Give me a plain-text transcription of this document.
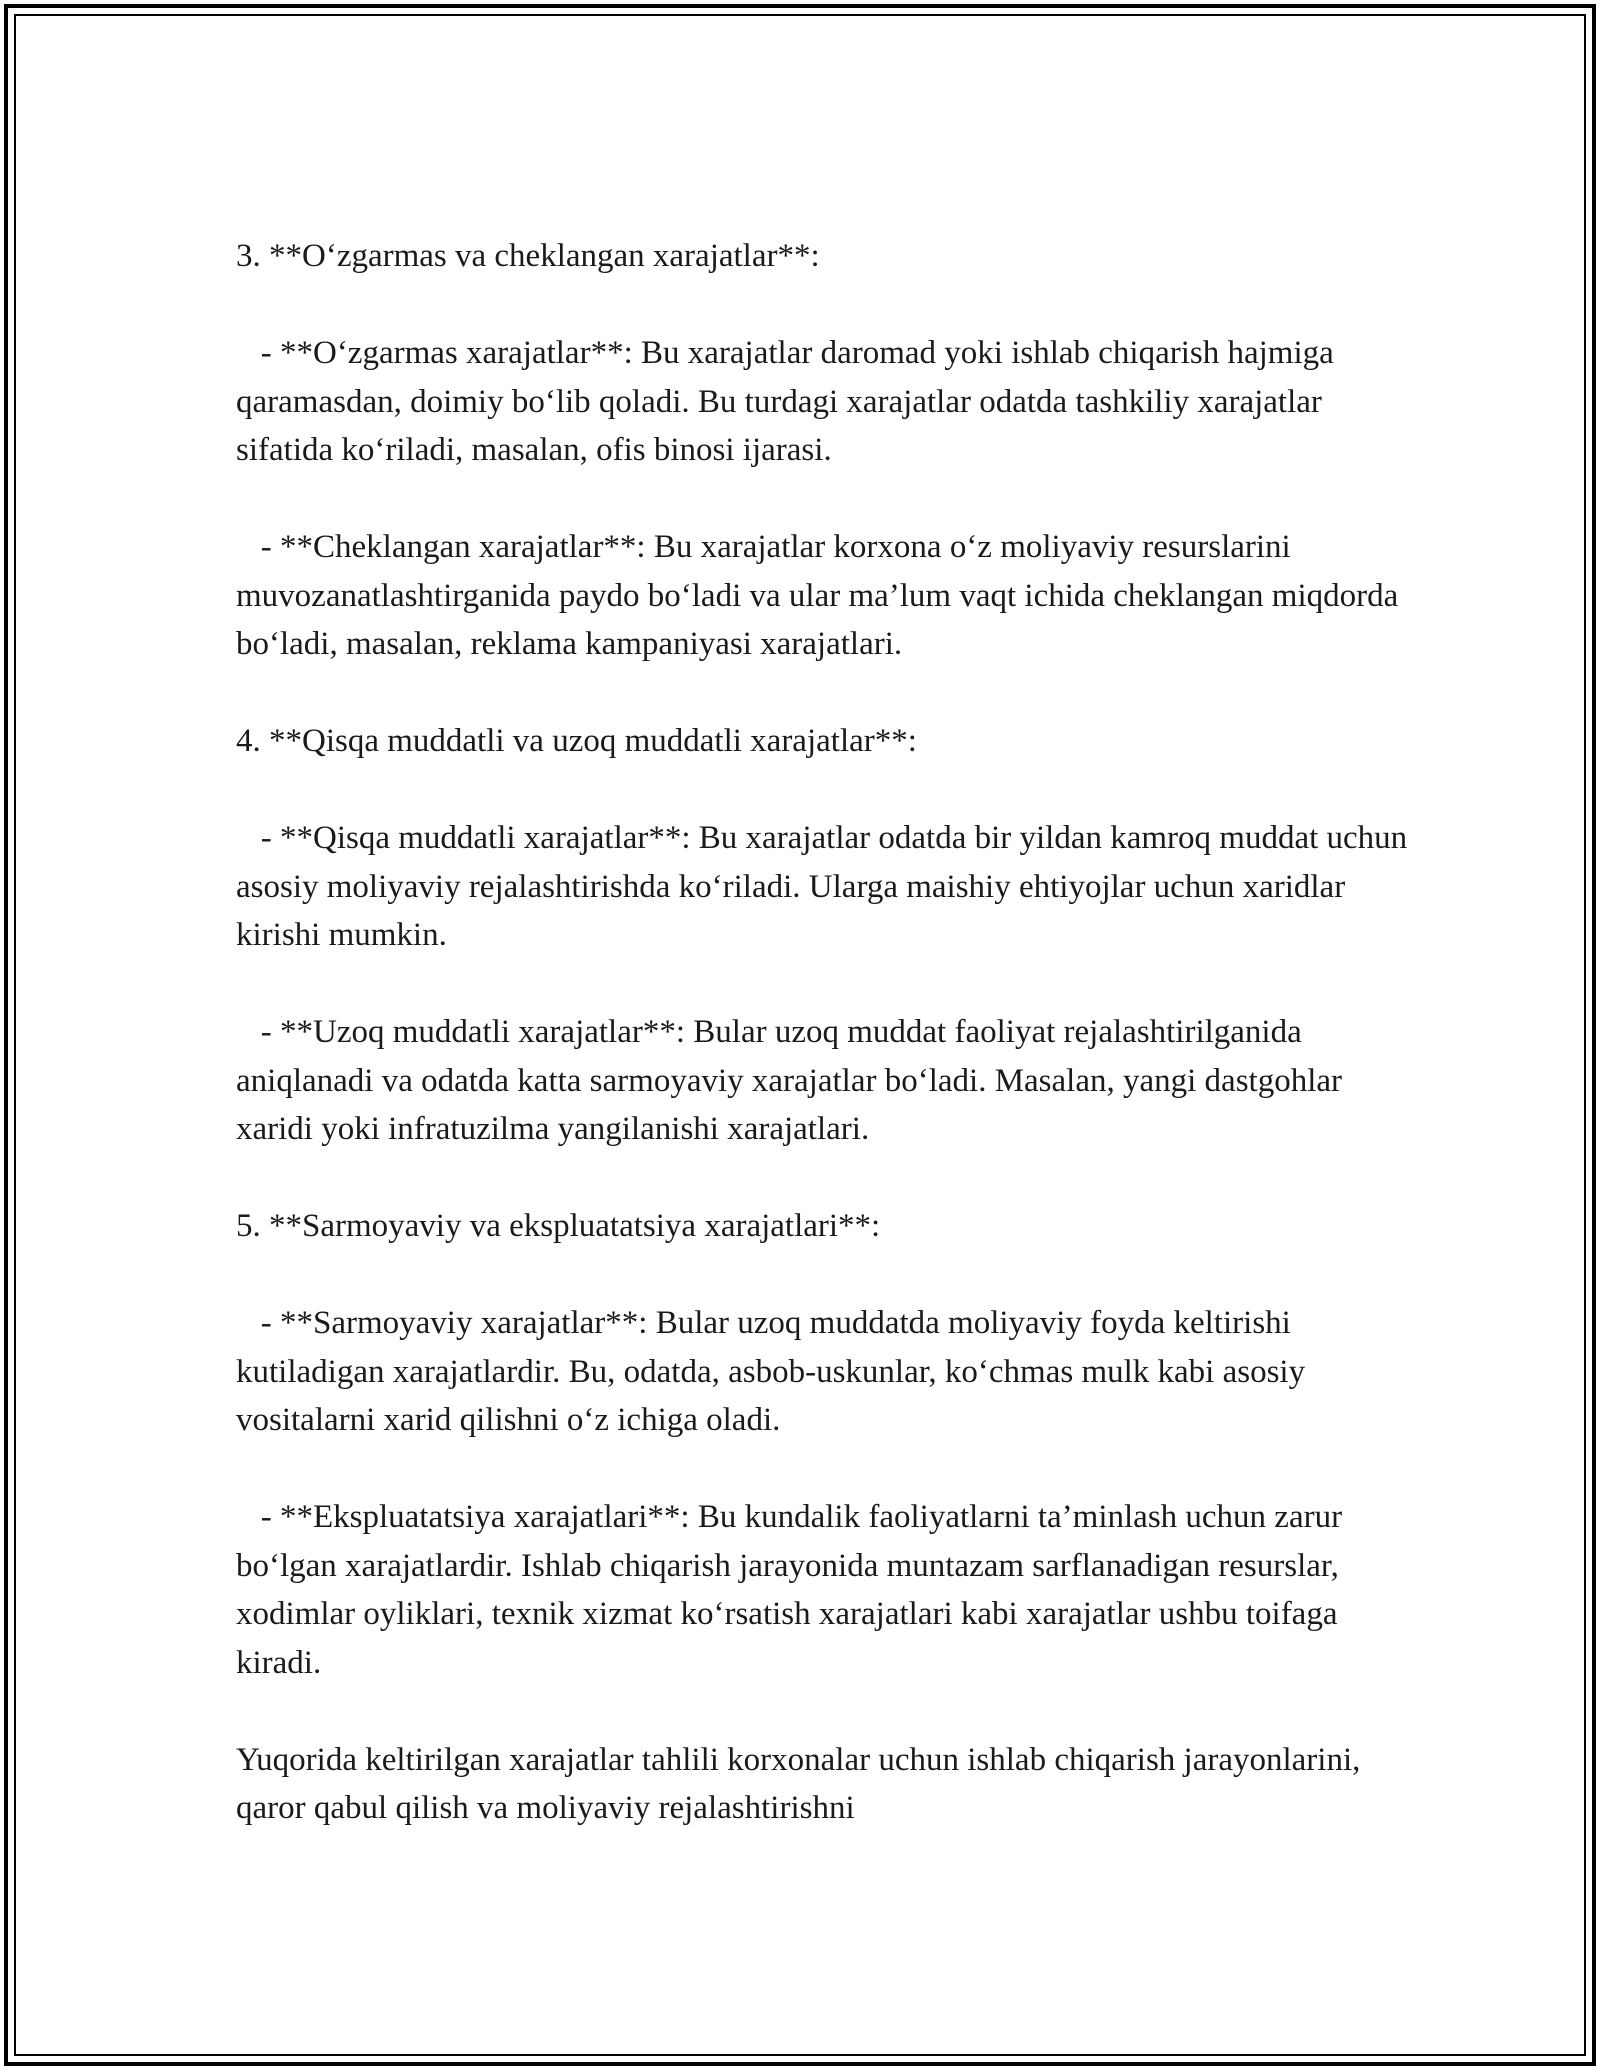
3. **O‘zgarmas va cheklangan xarajatlar**:

- **O‘zgarmas xarajatlar**: Bu xarajatlar daromad yoki ishlab chiqarish hajmiga qaramasdan, doimiy bo‘lib qoladi. Bu turdagi xarajatlar odatda tashkiliy xarajatlar sifatida ko‘riladi, masalan, ofis binosi ijarasi.

- **Cheklangan xarajatlar**: Bu xarajatlar korxona o‘z moliyaviy resurslarini muvozanatlashtirganida paydo bo‘ladi va ular ma’lum vaqt ichida cheklangan miqdorda bo‘ladi, masalan, reklama kampaniyasi xarajatlari.

4. **Qisqa muddatli va uzoq muddatli xarajatlar**:

- **Qisqa muddatli xarajatlar**: Bu xarajatlar odatda bir yildan kamroq muddat uchun asosiy moliyaviy rejalashtirishda ko‘riladi. Ularga maishiy ehtiyojlar uchun xaridlar kirishi mumkin.

- **Uzoq muddatli xarajatlar**: Bular uzoq muddat faoliyat rejalashtirilganida aniqlanadi va odatda katta sarmoyaviy xarajatlar bo‘ladi. Masalan, yangi dastgohlar xaridi yoki infratuzilma yangilanishi xarajatlari.

5. **Sarmoyaviy va ekspluatatsiya xarajatlari**:

- **Sarmoyaviy xarajatlar**: Bular uzoq muddatda moliyaviy foyda keltirishi kutiladigan xarajatlardir. Bu, odatda, asbob-uskunlar, ko‘chmas mulk kabi asosiy vositalarni xarid qilishni o‘z ichiga oladi.

- **Ekspluatatsiya xarajatlari**: Bu kundalik faoliyatlarni ta’minlash uchun zarur bo‘lgan xarajatlardir. Ishlab chiqarish jarayonida muntazam sarflanadigan resurslar, xodimlar oyliklari, texnik xizmat ko‘rsatish xarajatlari kabi xarajatlar ushbu toifaga kiradi.

Yuqorida keltirilgan xarajatlar tahlili korxonalar uchun ishlab chiqarish jarayonlarini, qaror qabul qilish va moliyaviy rejalashtirishni
